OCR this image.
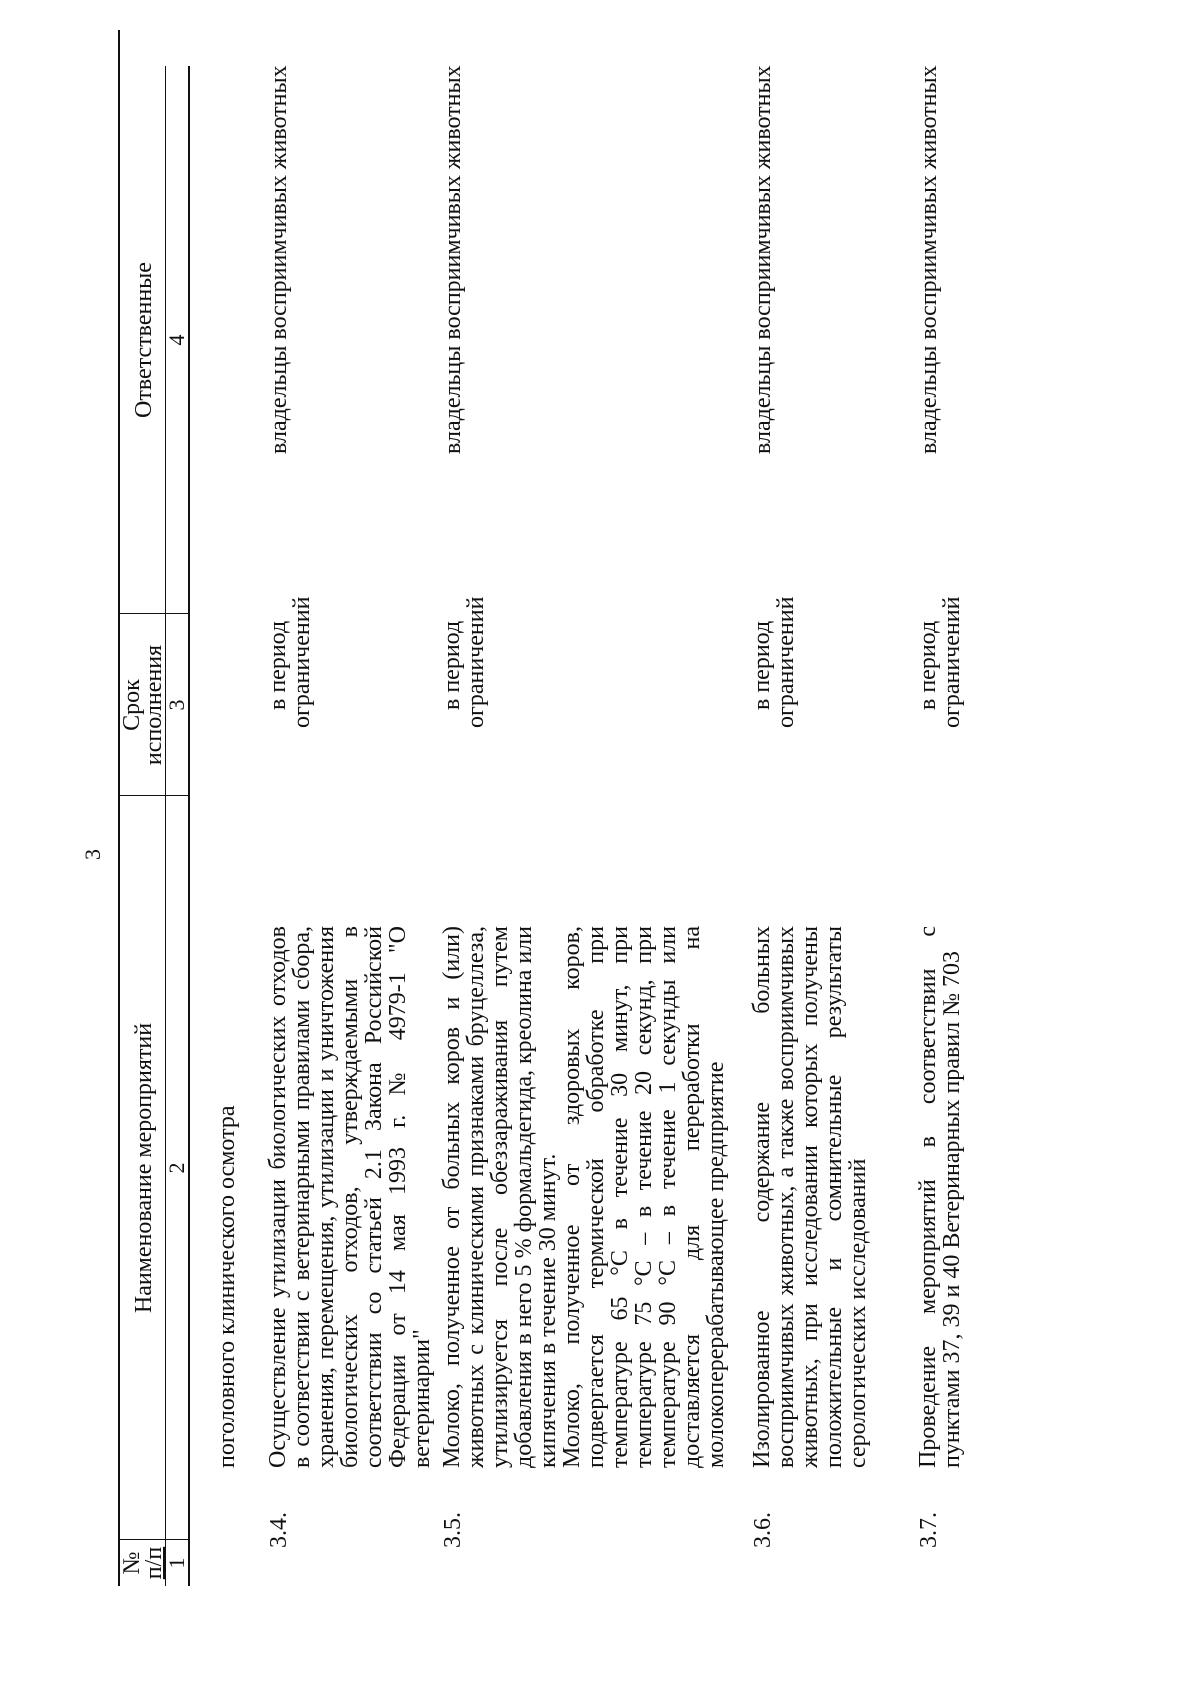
3
№
п/п
1
Наименование мероприятий 2
Срок
исполнения
3
Ответственные 4
поголовного клинического осмотра
3.4.

Осуществление утилизации биологических отходов в соответствии с ветеринарными правилами сбора, хранения, перемещения, утилизации и уничтожения биологических отходов, утверждаемыми в соответствии со статьей 2.1 Закона Российской Федерации от 14 мая 1993 г. № 4979-1 "О ветеринарии"

в период
ограничений
владельцы восприимчивых животных
3.5.

Молоко, полученное от больных коров и (или) животных с клиническими признаками бруцеллеза, утилизируется после обеззараживания путем добавления в него 5 % формальдегида, креолина или кипячения в течение 30 минут.

Молоко, полученное от здоровых коров, подвергается термической обработке при температуре 65 °С в течение 30 минут, при температуре 75 °С – в течение 20 секунд, при температуре 90 °С – в течение 1 секунды или доставляется для переработки на молокоперерабатывающее предприятие

в период
ограничений
владельцы восприимчивых животных
3.6.

Изолированное содержание больных восприимчивых животных, а также восприимчивых животных, при исследовании которых получены положительные и сомнительные результаты серологических исследований

в период
ограничений
владельцы восприимчивых животных
3.7.

Проведение мероприятий в соответствии с пунктами 37, 39 и 40 Ветеринарных правил № 703

в период
ограничений
владельцы восприимчивых животных
